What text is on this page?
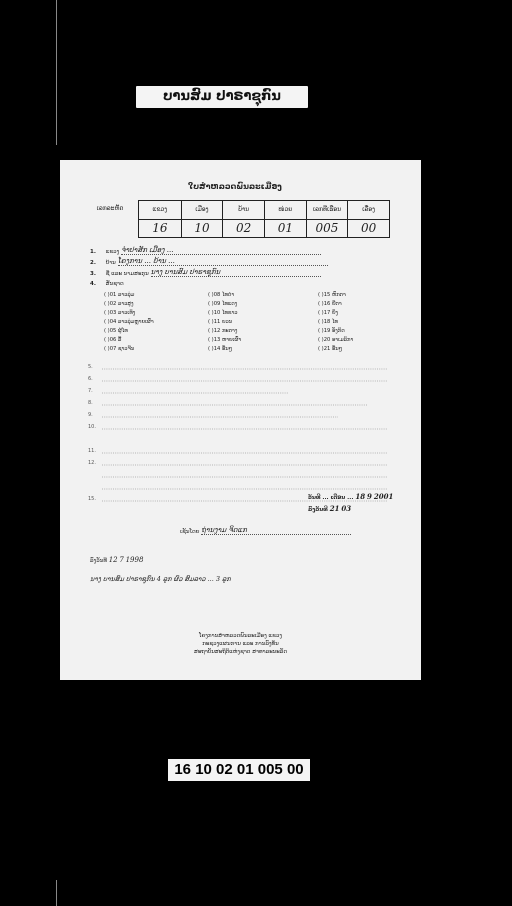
ບານສົມ ປາຣາຊຸກົນ
ໃບສຳຫລວດພົນລະເມືອງ
ເລກລະຫັດ	ແຂວງ
16
ເມືອງ
10
ບ້ານ
02
ໜ່ວຍ
01
ເລກທີເຮືອນ
005
ເລື່ອງ
00
1. ແຂວງ ຈຳປາສັກ ເມືອງ ...
2. ບ້ານ ໂຄງການ ... ບ້ານ ...
3. ຊື່ ແລະ ນາມສະກຸນ ນາງ ບານສົມ ປາຣາຊຸກົນ
4. ສັນຊາດ
( )01 ລາວລຸ່ມ
( )02 ລາວສູງ
( )03 ລາວເທິງ
( )04 ລາວລຸ່ມຫຼາຍເຜົ່າ
( )05 ຜູ້ໄທ
( )06 ລື້
( )07 ຊາວຈີນ
( )08 ໄທດຳ
( )09 ໄທແດງ
( )10 ໄທຂາວ
( )11 ຍວນ
( )12 ກະຕາງ
( )13 ຫາຍເຜົ່າ
( )14 ອື່ນໆ
( )15 ຫົກຕາ
( )16 ຍີ່ຕາ
( )17 ຍິ່ງ
( )18 ໄທ
( )19 ອັງກິດ
( )20 ອາເມລິກາ
( )21 ອື່ນໆ
5.
6.
7.
8.
9.
10.
11.
12.
15.	ວັນທີ ... ເດືອນ ... 18 9 2001
ລົງວັນທີ 21 03
ເຊັນໂດຍ ຖ່ານງາມ ຈິດແກ
ລົງວັນທີ 12 7 1998
ນາງ ບານສົມ ປາຣາຊຸກົນ 4 ລູກ ຜົວ ສົມລາວ ... 3 ລູກ
ໂຄງການສຳຫລວດພົນລະເມືອງ ແຂວງ
ກະຊວງແຜນການ ແລະ ການລົງທຶນ
ສະຖາບັນສະຖິຕິແຫ່ງຊາດ ສາທາລະນະລັດ
16 10 02 01 005 00
